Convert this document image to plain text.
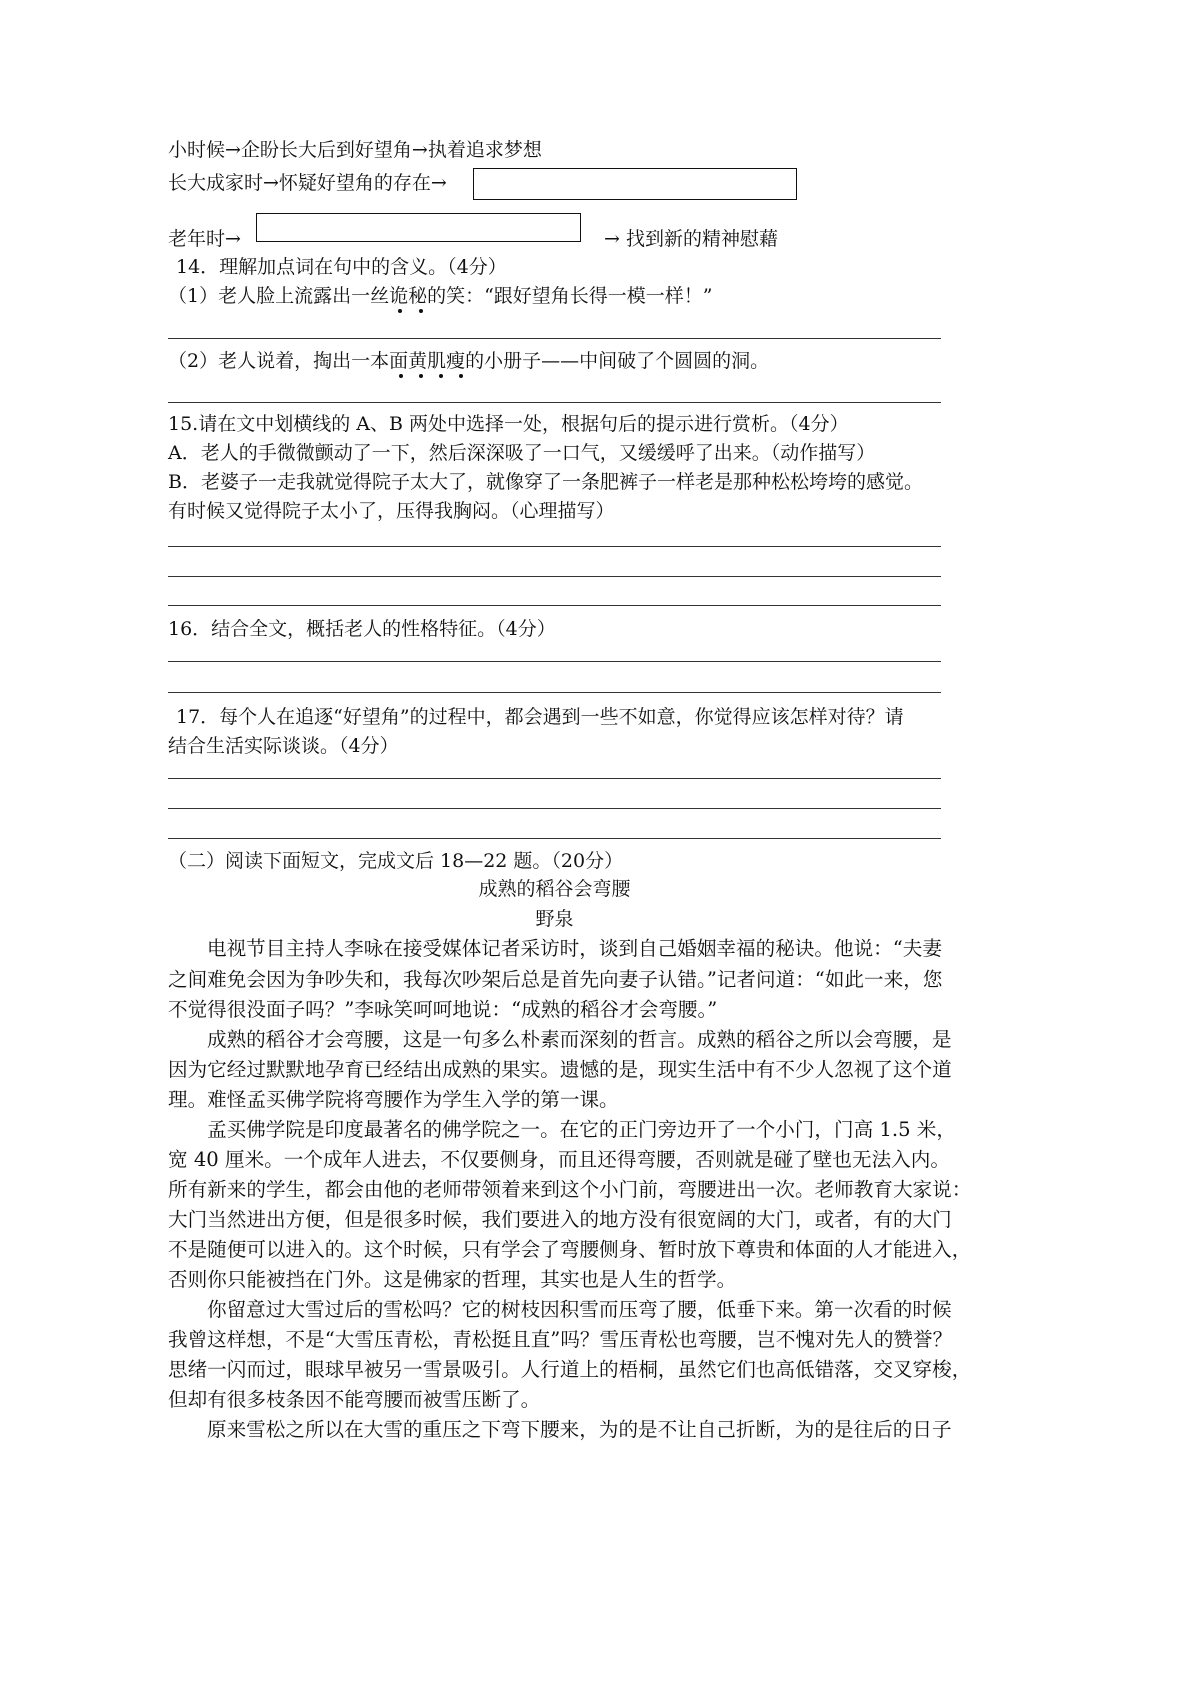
小时候→企盼长大后到好望角→执着追求梦想
长大成家时→怀疑好望角的存在→
老年时→	→ 找到新的精神慰藉
14．理解加点词在句中的含义。（4分）
（1）老人脸上流露出一丝诡秘的笑：“跟好望角长得一模一样！”
（2）老人说着，掏出一本面黄肌瘦的小册子——中间破了个圆圆的洞。
15.请在文中划横线的 A、B 两处中选择一处，根据句后的提示进行赏析。（4分）
A．老人的手微微颤动了一下，然后深深吸了一口气，又缓缓呼了出来。（动作描写）
B．老婆子一走我就觉得院子太大了，就像穿了一条肥裤子一样老是那种松松垮垮的感觉。
有时候又觉得院子太小了，压得我胸闷。（心理描写）
16．结合全文，概括老人的性格特征。（4分）
17．每个人在追逐“好望角”的过程中，都会遇到一些不如意，你觉得应该怎样对待？请
结合生活实际谈谈。（4分）
（二）阅读下面短文，完成文后 18—22 题。（20分）
成熟的稻谷会弯腰
野泉
电视节目主持人李咏在接受媒体记者采访时，谈到自己婚姻幸福的秘诀。他说：“夫妻
之间难免会因为争吵失和，我每次吵架后总是首先向妻子认错。”记者问道：“如此一来，您
不觉得很没面子吗？”李咏笑呵呵地说：“成熟的稻谷才会弯腰。”
成熟的稻谷才会弯腰，这是一句多么朴素而深刻的哲言。成熟的稻谷之所以会弯腰，是
因为它经过默默地孕育已经结出成熟的果实。遗憾的是，现实生活中有不少人忽视了这个道
理。难怪孟买佛学院将弯腰作为学生入学的第一课。
孟买佛学院是印度最著名的佛学院之一。在它的正门旁边开了一个小门，门高 1.5 米，
宽 40 厘米。一个成年人进去，不仅要侧身，而且还得弯腰，否则就是碰了壁也无法入内。
所有新来的学生，都会由他的老师带领着来到这个小门前，弯腰进出一次。老师教育大家说：
大门当然进出方便，但是很多时候，我们要进入的地方没有很宽阔的大门，或者，有的大门
不是随便可以进入的。这个时候，只有学会了弯腰侧身、暂时放下尊贵和体面的人才能进入，
否则你只能被挡在门外。这是佛家的哲理，其实也是人生的哲学。
你留意过大雪过后的雪松吗？它的树枝因积雪而压弯了腰，低垂下来。第一次看的时候
我曾这样想，不是“大雪压青松，青松挺且直”吗？雪压青松也弯腰，岂不愧对先人的赞誉？
思绪一闪而过，眼球早被另一雪景吸引。人行道上的梧桐，虽然它们也高低错落，交叉穿梭，
但却有很多枝条因不能弯腰而被雪压断了。
原来雪松之所以在大雪的重压之下弯下腰来，为的是不让自己折断，为的是往后的日子
